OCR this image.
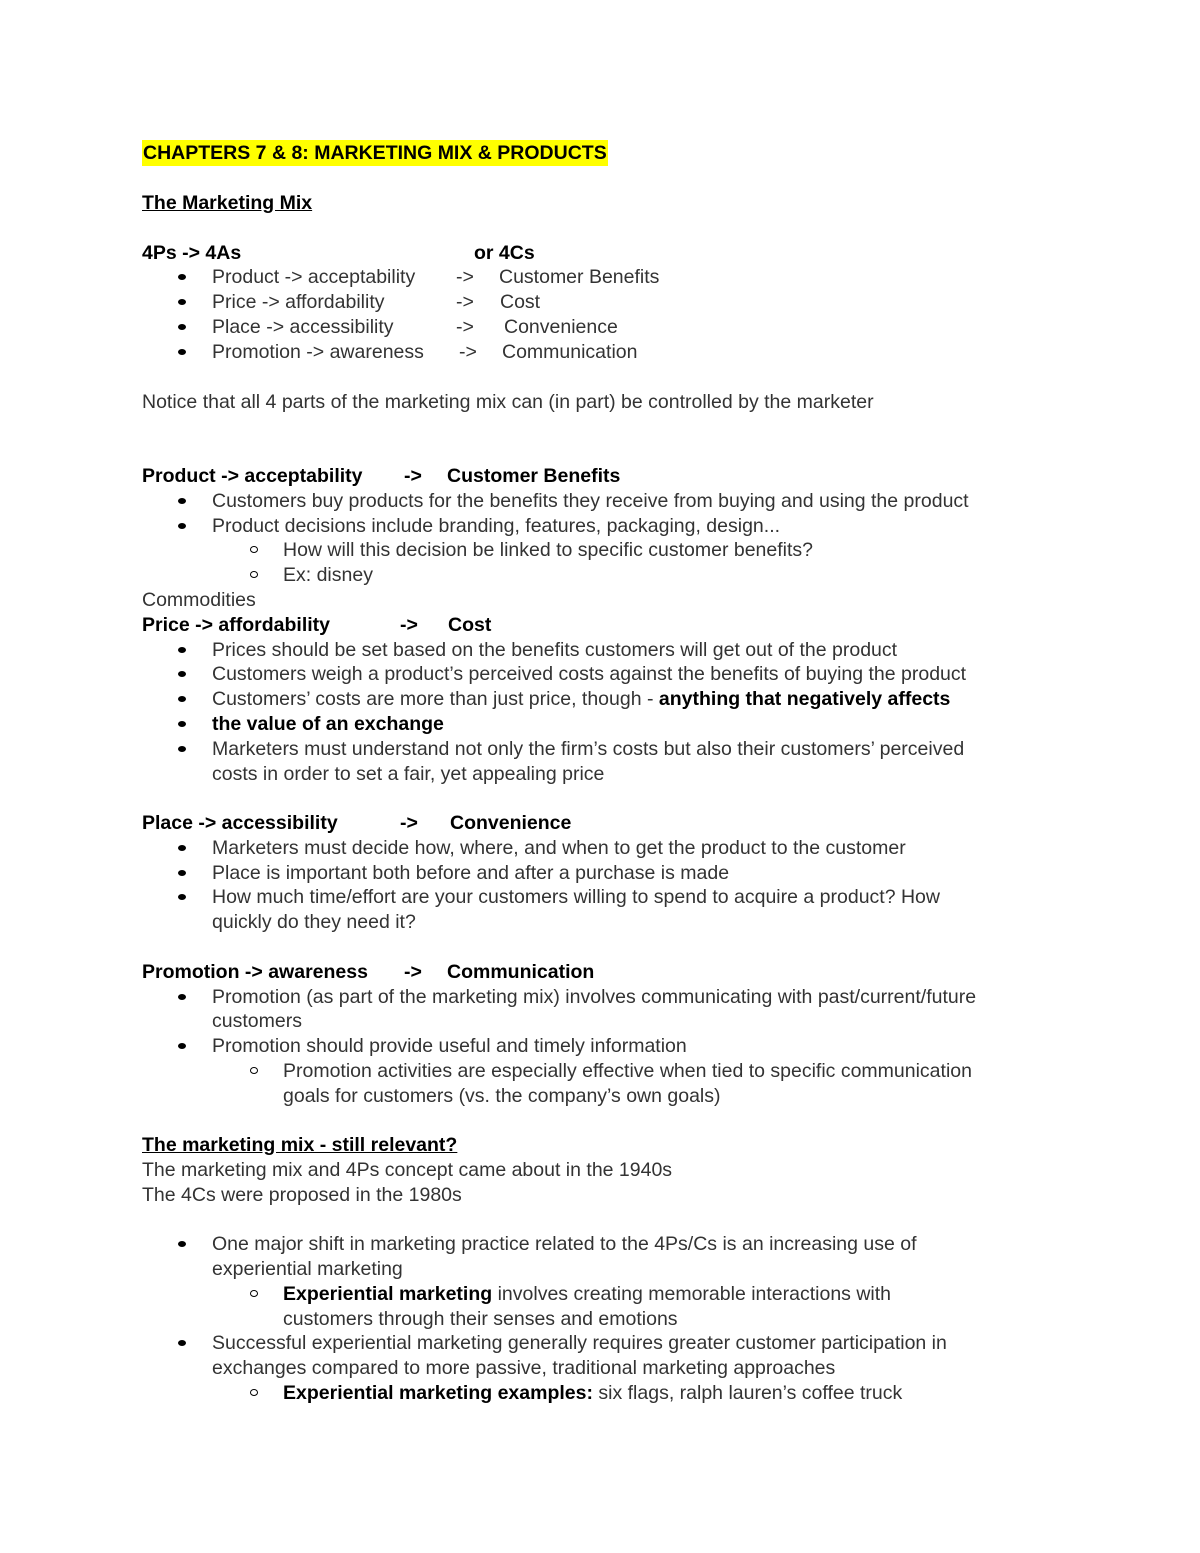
CHAPTERS 7 & 8: MARKETING MIX & PRODUCTS
The Marketing Mix
4Ps -> 4As	or 4Cs
Product -> acceptability -> Customer Benefits
Price -> affordability	-> Cost
Place -> accessibility	-> Convenience
Promotion -> awareness -> Communication
Notice that all 4 parts of the marketing mix can (in part) be controlled by the marketer
Product -> acceptability -> Customer Benefits
Customers buy products for the benefits they receive from buying and using the product
Product decisions include branding, features, packaging, design...
How will this decision be linked to specific customer benefits?
Ex: disney
Commodities
Price -> affordability	-> Cost
Prices should be set based on the benefits customers will get out of the product
Customers weigh a product’s perceived costs against the benefits of buying the product
Customers’ costs are more than just price, though - anything that negatively affects
the value of an exchange
Marketers must understand not only the firm’s costs but also their customers’ perceived
costs in order to set a fair, yet appealing price
Place -> accessibility	-> Convenience
Marketers must decide how, where, and when to get the product to the customer
Place is important both before and after a purchase is made
How much time/effort are your customers willing to spend to acquire a product? How
quickly do they need it?
Promotion -> awareness -> Communication
Promotion (as part of the marketing mix) involves communicating with past/current/future
customers
Promotion should provide useful and timely information
Promotion activities are especially effective when tied to specific communication
goals for customers (vs. the company’s own goals)
The marketing mix - still relevant?
The marketing mix and 4Ps concept came about in the 1940s
The 4Cs were proposed in the 1980s
One major shift in marketing practice related to the 4Ps/Cs is an increasing use of
experiential marketing
Experiential marketing involves creating memorable interactions with
customers through their senses and emotions
Successful experiential marketing generally requires greater customer participation in
exchanges compared to more passive, traditional marketing approaches
Experiential marketing examples: six flags, ralph lauren’s coffee truck
